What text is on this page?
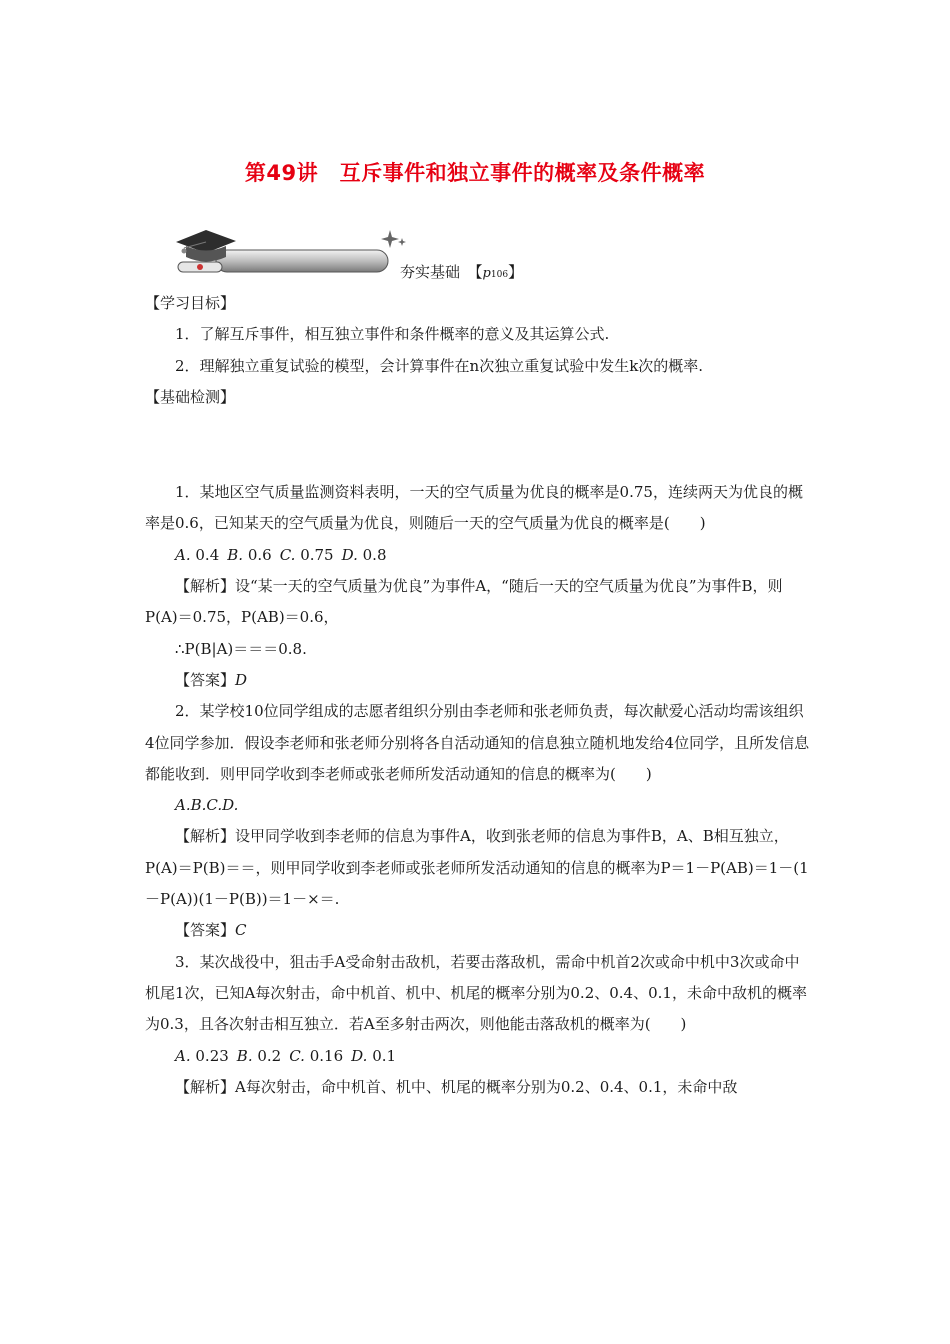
第49讲　互斥事件和独立事件的概率及条件概率
夯实基础　 【p106】

【学习目标】

1．了解互斥事件，相互独立事件和条件概率的意义及其运算公式.

2．理解独立重复试验的模型，会计算事件在n次独立重复试验中发生k次的概率.

【基础检测】

1．某地区空气质量监测资料表明，一天的空气质量为优良的概率是0.75，连续两天为优良的概率是0.6，已知某天的空气质量为优良，则随后一天的空气质量为优良的概率是(　　)

A. 0.4 B. 0.6 C. 0.75 D. 0.8

【解析】设“某一天的空气质量为优良”为事件A，“随后一天的空气质量为优良”为事件B，则P(A)＝0.75，P(AB)＝0.6，

∴P(B|A)＝＝＝0.8.

【答案】D

2．某学校10位同学组成的志愿者组织分别由李老师和张老师负责，每次献爱心活动均需该组织4位同学参加．假设李老师和张老师分别将各自活动通知的信息独立随机地发给4位同学，且所发信息都能收到．则甲同学收到李老师或张老师所发活动通知的信息的概率为(　　)

A.B.C.D.

【解析】设甲同学收到李老师的信息为事件A，收到张老师的信息为事件B，A、B相互独立，P(A)＝P(B)＝＝，则甲同学收到李老师或张老师所发活动通知的信息的概率为P＝1－P(AB)＝1－(1－P(A))(1－P(B))＝1－×＝.

【答案】C

3．某次战役中，狙击手A受命射击敌机，若要击落敌机，需命中机首2次或命中机中3次或命中机尾1次，已知A每次射击，命中机首、机中、机尾的概率分别为0.2、0.4、0.1，未命中敌机的概率为0.3，且各次射击相互独立．若A至多射击两次，则他能击落敌机的概率为(　　)

A. 0.23 B. 0.2 C. 0.16 D. 0.1

【解析】A每次射击，命中机首、机中、机尾的概率分别为0.2、0.4、0.1，未命中敌
